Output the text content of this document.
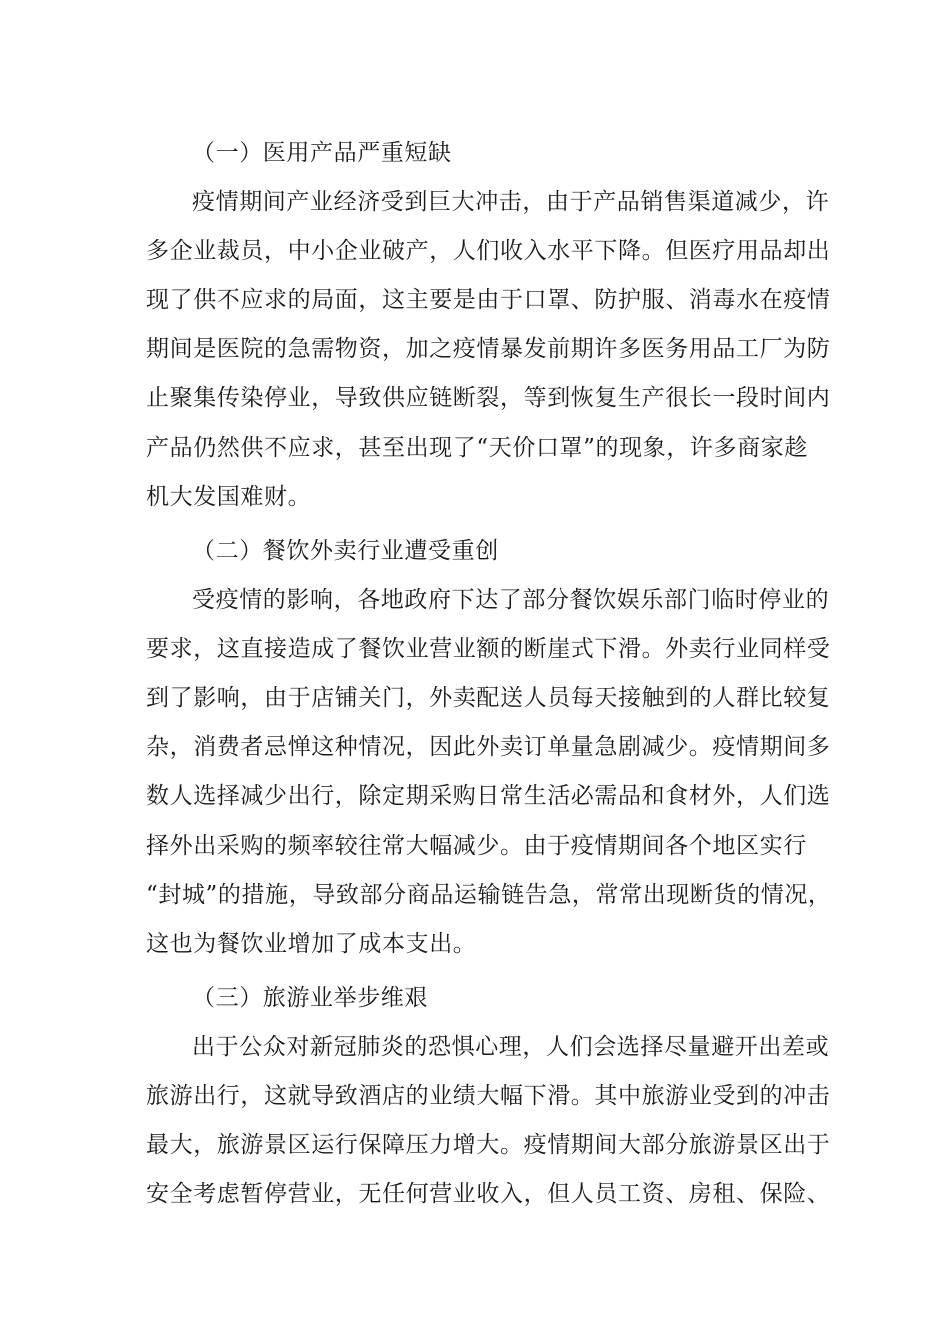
（一）医用产品严重短缺
疫情期间产业经济受到巨大冲击，由于产品销售渠道减少，许
多企业裁员，中小企业破产，人们收入水平下降。但医疗用品却出
现了供不应求的局面，这主要是由于口罩、防护服、消毒水在疫情
期间是医院的急需物资，加之疫情暴发前期许多医务用品工厂为防
止聚集传染停业，导致供应链断裂，等到恢复生产很长一段时间内
产品仍然供不应求，甚至出现了“天价口罩”的现象，许多商家趁
机大发国难财。
（二）餐饮外卖行业遭受重创
受疫情的影响，各地政府下达了部分餐饮娱乐部门临时停业的
要求，这直接造成了餐饮业营业额的断崖式下滑。外卖行业同样受
到了影响，由于店铺关门，外卖配送人员每天接触到的人群比较复
杂，消费者忌惮这种情况，因此外卖订单量急剧减少。疫情期间多
数人选择减少出行，除定期采购日常生活必需品和食材外，人们选
择外出采购的频率较往常大幅减少。由于疫情期间各个地区实行
“封城”的措施，导致部分商品运输链告急，常常出现断货的情况，
这也为餐饮业增加了成本支出。
（三）旅游业举步维艰
出于公众对新冠肺炎的恐惧心理，人们会选择尽量避开出差或
旅游出行，这就导致酒店的业绩大幅下滑。其中旅游业受到的冲击
最大，旅游景区运行保障压力增大。疫情期间大部分旅游景区出于
安全考虑暂停营业，无任何营业收入，但人员工资、房租、保险、
